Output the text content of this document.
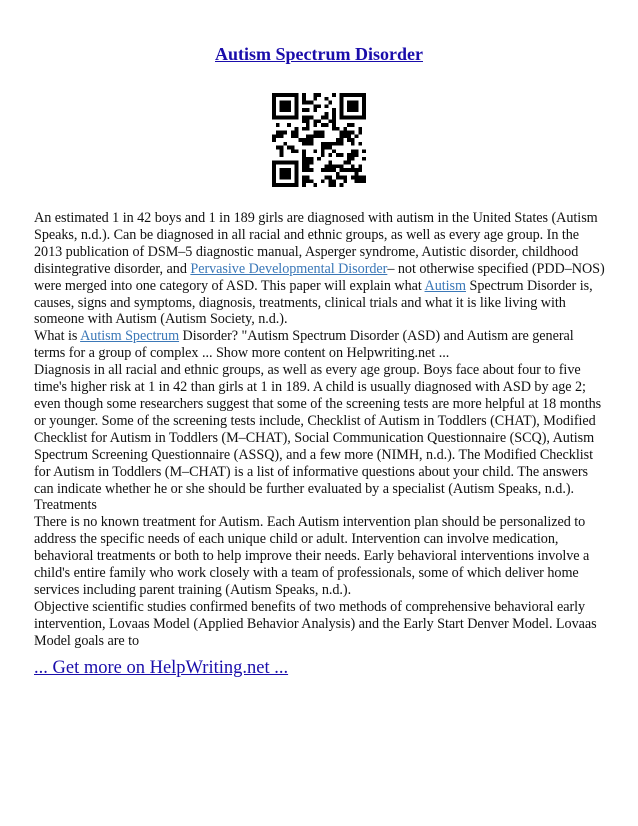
Autism Spectrum Disorder

An estimated 1 in 42 boys and 1 in 189 girls are diagnosed with autism in the United States (Autism Speaks, n.d.). Can be diagnosed in all racial and ethnic groups, as well as every age group. In the 2013 publication of DSM–5 diagnostic manual, Asperger syndrome, Autistic disorder, childhood disintegrative disorder, and Pervasive Developmental Disorder– not otherwise specified (PDD–NOS) were merged into one category of ASD. This paper will explain what Autism Spectrum Disorder is, causes, signs and symptoms, diagnosis, treatments, clinical trials and what it is like living with someone with Autism (Autism Society, n.d.).

What is Autism Spectrum Disorder? "Autism Spectrum Disorder (ASD) and Autism are general terms for a group of complex ... Show more content on Helpwriting.net ...

Diagnosis in all racial and ethnic groups, as well as every age group. Boys face about four to five time's higher risk at 1 in 42 than girls at 1 in 189. A child is usually diagnosed with ASD by age 2; even though some researchers suggest that some of the screening tests are more helpful at 18 months or younger. Some of the screening tests include, Checklist of Autism in Toddlers (CHAT), Modified Checklist for Autism in Toddlers (M–CHAT), Social Communication Questionnaire (SCQ), Autism Spectrum Screening Questionnaire (ASSQ), and a few more (NIMH, n.d.). The Modified Checklist for Autism in Toddlers (M–CHAT) is a list of informative questions about your child. The answers can indicate whether he or she should be further evaluated by a specialist (Autism Speaks, n.d.).

Treatments

There is no known treatment for Autism. Each Autism intervention plan should be personalized to address the specific needs of each unique child or adult. Intervention can involve medication, behavioral treatments or both to help improve their needs. Early behavioral interventions involve a child's entire family who work closely with a team of professionals, some of which deliver home services including parent training (Autism Speaks, n.d.).

Objective scientific studies confirmed benefits of two methods of comprehensive behavioral early intervention, Lovaas Model (Applied Behavior Analysis) and the Early Start Denver Model. Lovaas Model goals are to

... Get more on HelpWriting.net ...
